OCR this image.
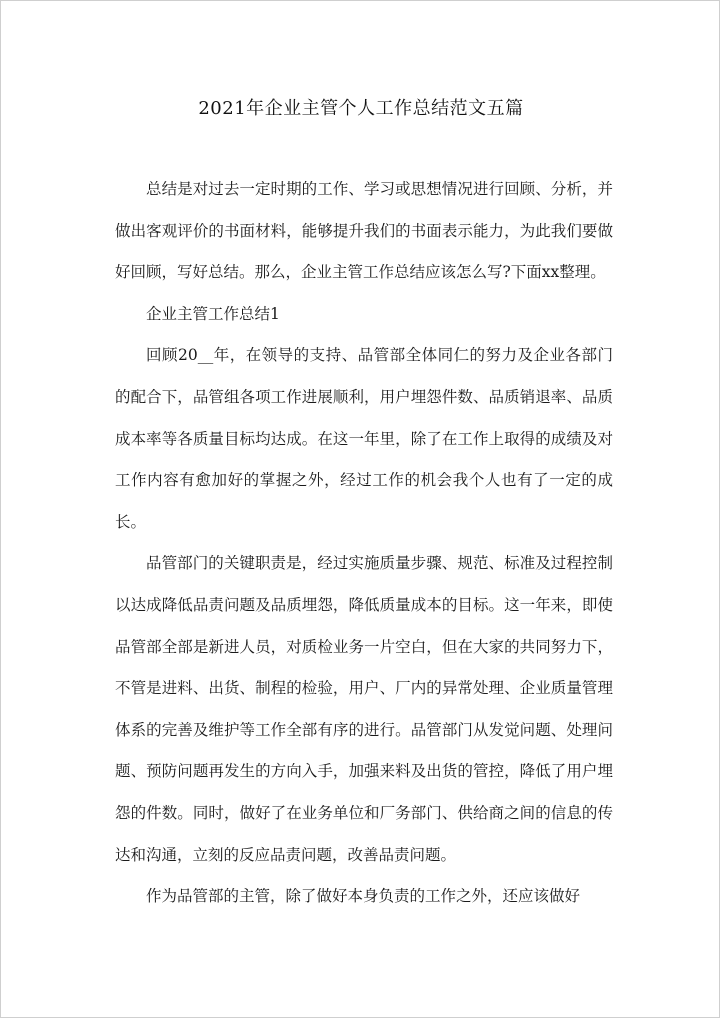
2021年企业主管个人工作总结范文五篇

总结是对过去一定时期的工作、学习或思想情况进行回顾、分析，并做出客观评价的书面材料，能够提升我们的书面表示能力，为此我们要做好回顾，写好总结。那么，企业主管工作总结应该怎么写?下面xx整理。

企业主管工作总结1

回顾20__年，在领导的支持、品管部全体同仁的努力及企业各部门的配合下，品管组各项工作进展顺利，用户埋怨件数、品质销退率、品质成本率等各质量目标均达成。在这一年里，除了在工作上取得的成绩及对工作内容有愈加好的掌握之外，经过工作的机会我个人也有了一定的成长。

品管部门的关键职责是，经过实施质量步骤、规范、标准及过程控制以达成降低品责问题及品质埋怨，降低质量成本的目标。这一年来，即使品管部全部是新进人员，对质检业务一片空白，但在大家的共同努力下，不管是进料、出货、制程的检验，用户、厂内的异常处理、企业质量管理体系的完善及维护等工作全部有序的进行。品管部门从发觉问题、处理问题、预防问题再发生的方向入手，加强来料及出货的管控，降低了用户埋怨的件数。同时，做好了在业务单位和厂务部门、供给商之间的信息的传达和沟通，立刻的反应品责问题，改善品责问题。

作为品管部的主管，除了做好本身负责的工作之外，还应该做好
